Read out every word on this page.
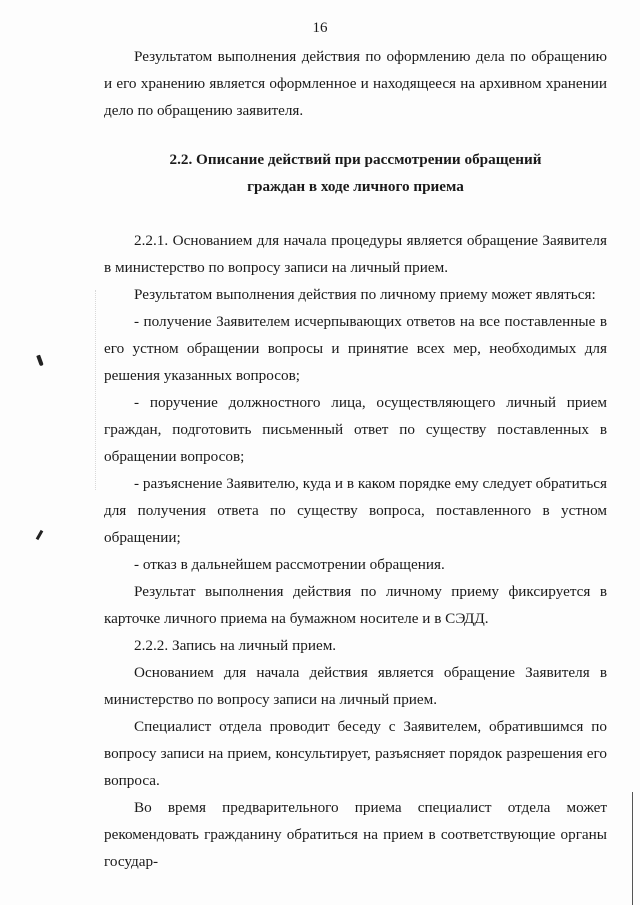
16

Результатом выполнения действия по оформлению дела по обращению и его хранению является оформленное и находящееся на архивном хранении дело по обращению заявителя.

2.2. Описание действий при рассмотрении обращений
граждан в ходе личного приема

2.2.1. Основанием для начала процедуры является обращение Заявителя в министерство по вопросу записи на личный прием.

Результатом выполнения действия по личному приему может являться:

- получение Заявителем исчерпывающих ответов на все поставленные в его устном обращении вопросы и принятие всех мер, необходимых для решения указанных вопросов;

- поручение должностного лица, осуществляющего личный прием граждан, подготовить письменный ответ по существу поставленных в обращении вопросов;

- разъяснение Заявителю, куда и в каком порядке ему следует обратиться для получения ответа по существу вопроса, поставленного в устном обращении;

- отказ в дальнейшем рассмотрении обращения.

Результат выполнения действия по личному приему фиксируется в карточке личного приема на бумажном носителе и в СЭДД.

2.2.2. Запись на личный прием.

Основанием для начала действия является обращение Заявителя в министерство по вопросу записи на личный прием.

Специалист отдела проводит беседу с Заявителем, обратившимся по вопросу записи на прием, консультирует, разъясняет порядок разрешения его вопроса.

Во время предварительного приема специалист отдела может рекомендовать гражданину обратиться на прием в соответствующие органы государ-
